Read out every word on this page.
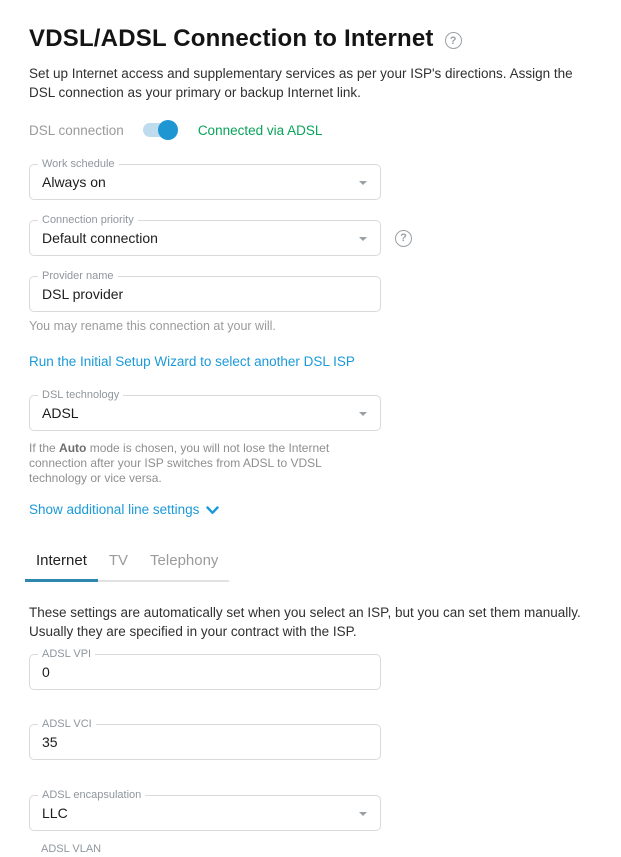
VDSL/ADSL Connection to Internet	?

Set up Internet access and supplementary services as per your ISP's directions. Assign the DSL connection as your primary or backup Internet link.

DSL connection	Connected via ADSL
Work schedule
Always on
Connection priority
Default connection	?
Provider name
DSL provider

You may rename this connection at your will.

Run the Initial Setup Wizard to select another DSL ISP
DSL technology
ADSL

If the Auto mode is chosen, you will not lose the Internet connection after your ISP switches from ADSL to VDSL technology or vice versa.

Show additional line settings
Internet	TV	Telephony

These settings are automatically set when you select an ISP, but you can set them manually. Usually they are specified in your contract with the ISP.

ADSL VPI
0
ADSL VCI
35
ADSL encapsulation
LLC
ADSL VLAN
